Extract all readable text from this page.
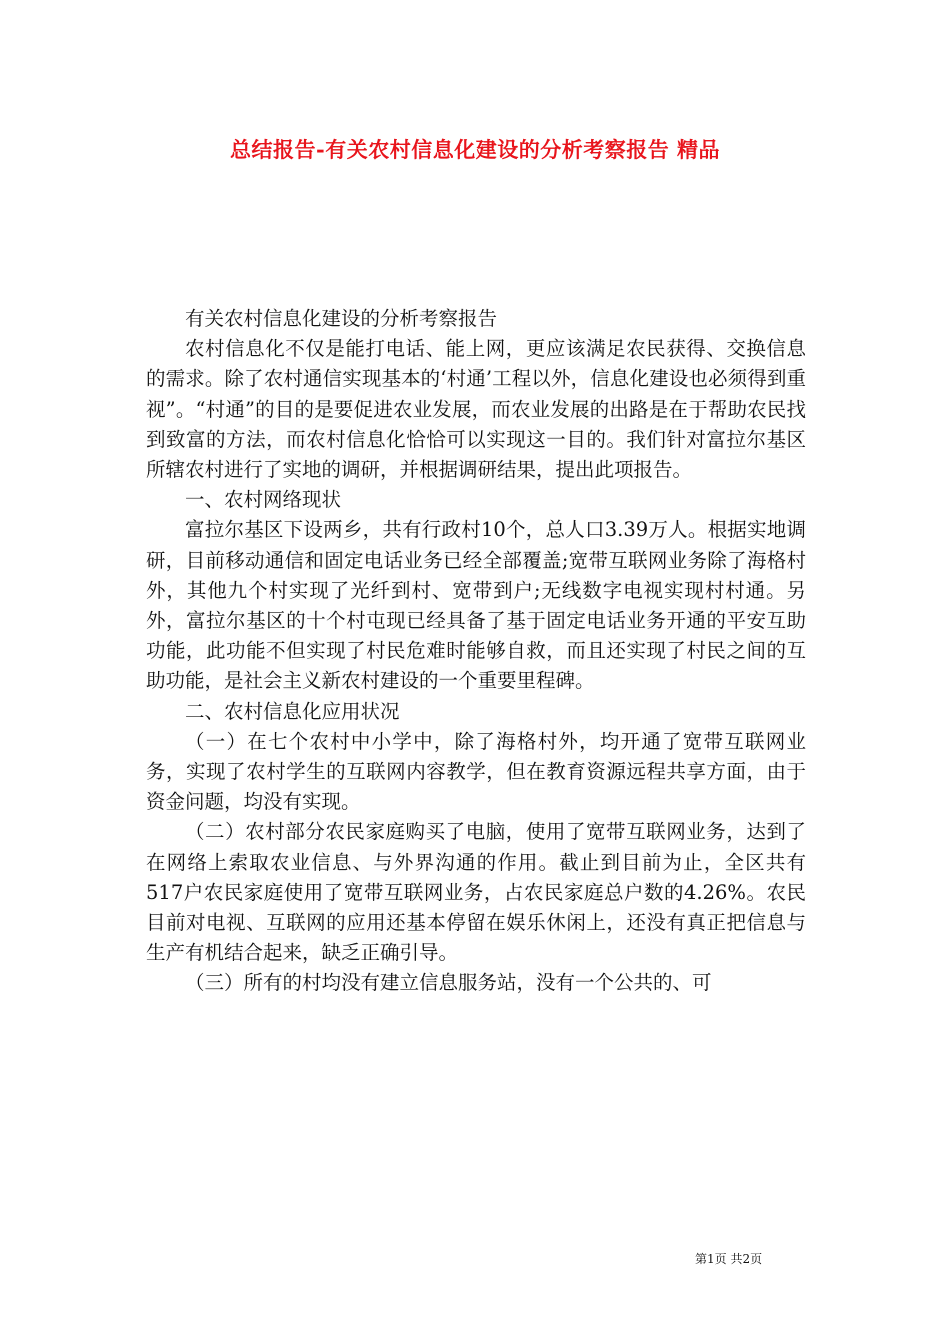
总结报告-有关农村信息化建设的分析考察报告 精品

有关农村信息化建设的分析考察报告

农村信息化不仅是能打电话、能上网，更应该满足农民获得、交换信息的需求。除了农村通信实现基本的‘村通’工程以外，信息化建设也必须得到重视”。“村通”的目的是要促进农业发展，而农业发展的出路是在于帮助农民找到致富的方法，而农村信息化恰恰可以实现这一目的。我们针对富拉尔基区所辖农村进行了实地的调研，并根据调研结果，提出此项报告。

一、农村网络现状

富拉尔基区下设两乡，共有行政村10个，总人口3.39万人。根据实地调研，目前移动通信和固定电话业务已经全部覆盖;宽带互联网业务除了海格村外，其他九个村实现了光纤到村、宽带到户;无线数字电视实现村村通。另外，富拉尔基区的十个村屯现已经具备了基于固定电话业务开通的平安互助功能，此功能不但实现了村民危难时能够自救，而且还实现了村民之间的互助功能，是社会主义新农村建设的一个重要里程碑。

二、农村信息化应用状况

（一）在七个农村中小学中，除了海格村外，均开通了宽带互联网业务，实现了农村学生的互联网内容教学，但在教育资源远程共享方面，由于资金问题，均没有实现。

（二）农村部分农民家庭购买了电脑，使用了宽带互联网业务，达到了在网络上索取农业信息、与外界沟通的作用。截止到目前为止，全区共有517户农民家庭使用了宽带互联网业务，占农民家庭总户数的4.26%。农民目前对电视、互联网的应用还基本停留在娱乐休闲上，还没有真正把信息与生产有机结合起来，缺乏正确引导。

（三）所有的村均没有建立信息服务站，没有一个公共的、可

第1页 共2页
